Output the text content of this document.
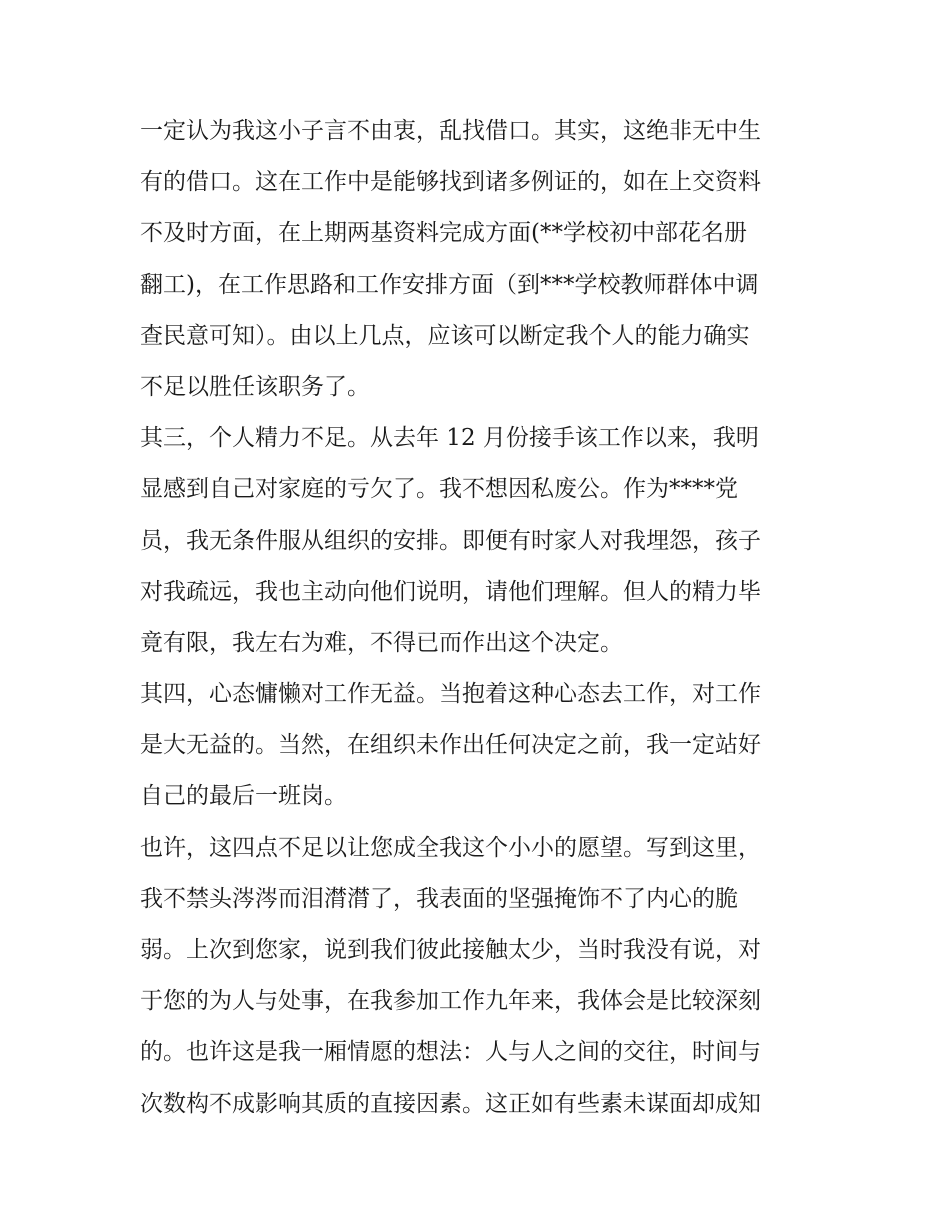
一定认为我这小子言不由衷，乱找借口。其实，这绝非无中生
有的借口。这在工作中是能够找到诸多例证的，如在上交资料
不及时方面，在上期两基资料完成方面(**学校初中部花名册
翻工)，在工作思路和工作安排方面（到***学校教师群体中调
查民意可知）。由以上几点，应该可以断定我个人的能力确实
不足以胜任该职务了。
其三，个人精力不足。从去年 12 月份接手该工作以来，我明
显感到自己对家庭的亏欠了。我不想因私废公。作为****党
员，我无条件服从组织的安排。即便有时家人对我埋怨，孩子
对我疏远，我也主动向他们说明，请他们理解。但人的精力毕
竟有限，我左右为难，不得已而作出这个决定。
其四，心态慵懒对工作无益。当抱着这种心态去工作，对工作
是大无益的。当然，在组织未作出任何决定之前，我一定站好
自己的最后一班岗。
也许，这四点不足以让您成全我这个小小的愿望。写到这里，
我不禁头涔涔而泪潸潸了，我表面的坚强掩饰不了内心的脆
弱。上次到您家，说到我们彼此接触太少，当时我没有说，对
于您的为人与处事，在我参加工作九年来，我体会是比较深刻
的。也许这是我一厢情愿的想法：人与人之间的交往，时间与
次数构不成影响其质的直接因素。这正如有些素未谋面却成知
